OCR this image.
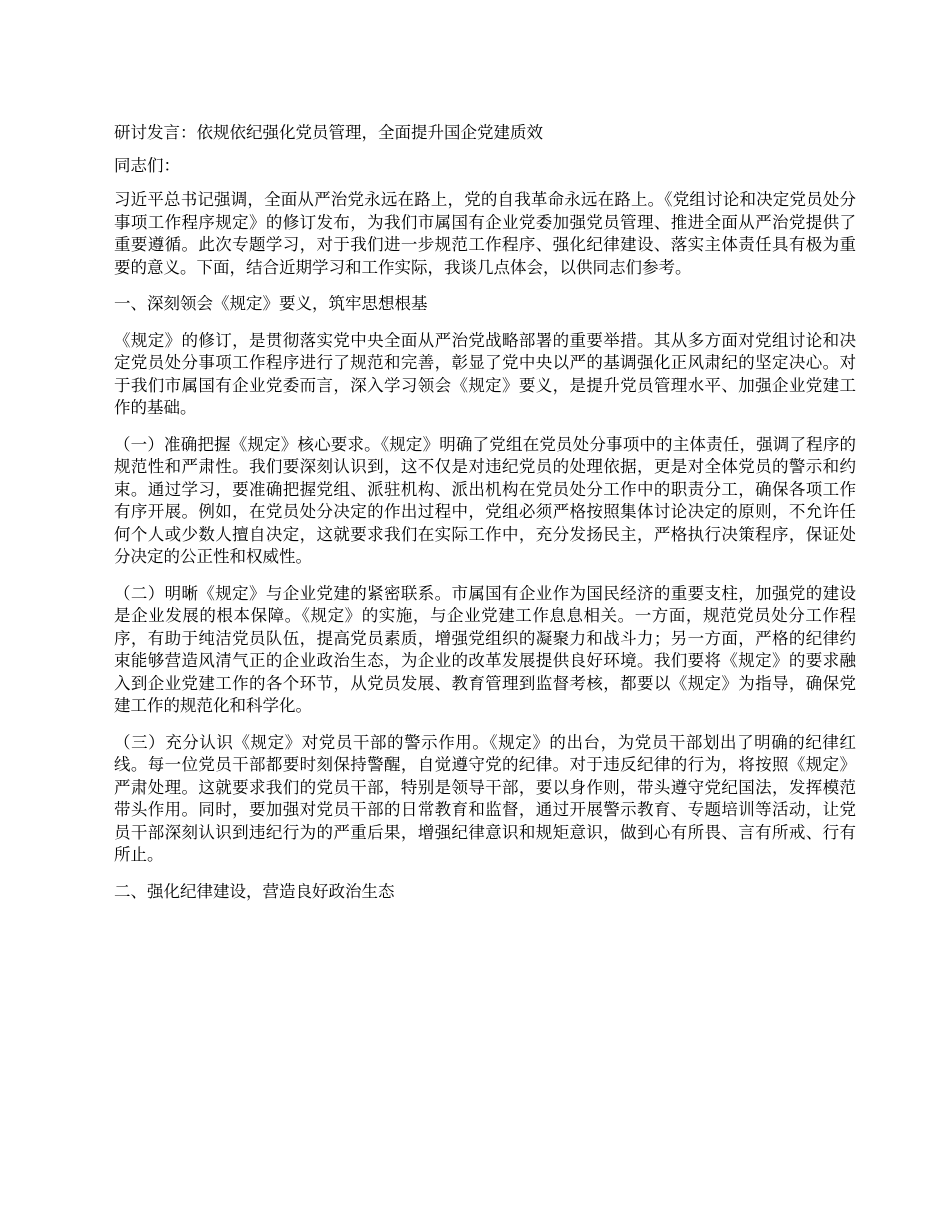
研讨发言：依规依纪强化党员管理，全面提升国企党建质效

同志们：

习近平总书记强调，全面从严治党永远在路上，党的自我革命永远在路上。《党组讨论和决定党员处分事项工作程序规定》的修订发布，为我们市属国有企业党委加强党员管理、推进全面从严治党提供了重要遵循。此次专题学习，对于我们进一步规范工作程序、强化纪律建设、落实主体责任具有极为重要的意义。下面，结合近期学习和工作实际，我谈几点体会，以供同志们参考。

一、深刻领会《规定》要义，筑牢思想根基

《规定》的修订，是贯彻落实党中央全面从严治党战略部署的重要举措。其从多方面对党组讨论和决定党员处分事项工作程序进行了规范和完善，彰显了党中央以严的基调强化正风肃纪的坚定决心。对于我们市属国有企业党委而言，深入学习领会《规定》要义，是提升党员管理水平、加强企业党建工作的基础。

（一）准确把握《规定》核心要求。《规定》明确了党组在党员处分事项中的主体责任，强调了程序的规范性和严肃性。我们要深刻认识到，这不仅是对违纪党员的处理依据，更是对全体党员的警示和约束。通过学习，要准确把握党组、派驻机构、派出机构在党员处分工作中的职责分工，确保各项工作有序开展。例如，在党员处分决定的作出过程中，党组必须严格按照集体讨论决定的原则，不允许任何个人或少数人擅自决定，这就要求我们在实际工作中，充分发扬民主，严格执行决策程序，保证处分决定的公正性和权威性。

（二）明晰《规定》与企业党建的紧密联系。市属国有企业作为国民经济的重要支柱，加强党的建设是企业发展的根本保障。《规定》的实施，与企业党建工作息息相关。一方面，规范党员处分工作程序，有助于纯洁党员队伍，提高党员素质，增强党组织的凝聚力和战斗力；另一方面，严格的纪律约束能够营造风清气正的企业政治生态，为企业的改革发展提供良好环境。我们要将《规定》的要求融入到企业党建工作的各个环节，从党员发展、教育管理到监督考核，都要以《规定》为指导，确保党建工作的规范化和科学化。

（三）充分认识《规定》对党员干部的警示作用。《规定》的出台，为党员干部划出了明确的纪律红线。每一位党员干部都要时刻保持警醒，自觉遵守党的纪律。对于违反纪律的行为，将按照《规定》严肃处理。这就要求我们的党员干部，特别是领导干部，要以身作则，带头遵守党纪国法，发挥模范带头作用。同时，要加强对党员干部的日常教育和监督，通过开展警示教育、专题培训等活动，让党员干部深刻认识到违纪行为的严重后果，增强纪律意识和规矩意识，做到心有所畏、言有所戒、行有所止。

二、强化纪律建设，营造良好政治生态
